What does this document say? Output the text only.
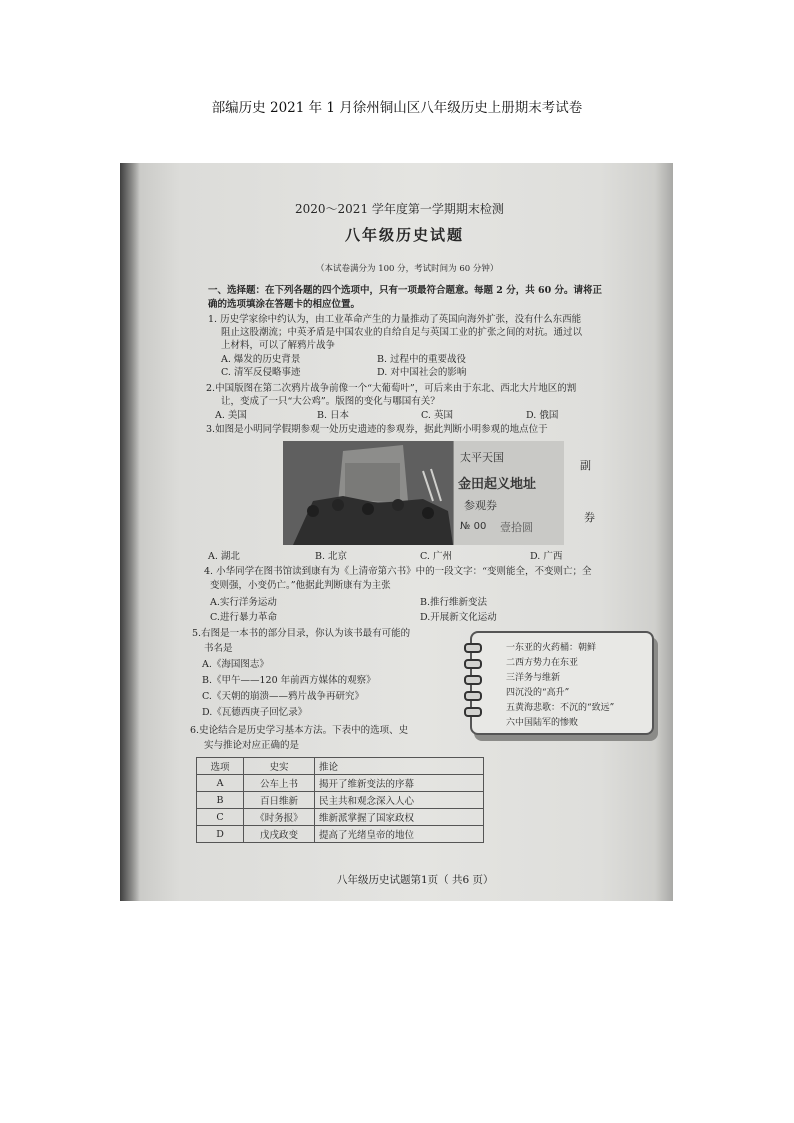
部编历史 2021 年 1 月徐州铜山区八年级历史上册期末考试卷
2020～2021 学年度第一学期期末检测
八年级历史试题
（本试卷满分为 100 分，考试时间为 60 分钟）
一、选择题：在下列各题的四个选项中，只有一项最符合题意。每题 2 分，共 60 分。请将正
确的选项填涂在答题卡的相应位置。
1. 历史学家徐中约认为，由工业革命产生的力量推动了英国向海外扩张，没有什么东西能
阻止这股潮流；中英矛盾是中国农业的自给自足与英国工业的扩张之间的对抗。通过以
上材料，可以了解鸦片战争
A. 爆发的历史背景	B. 过程中的重要战役
C. 清军反侵略事迹	D. 对中国社会的影响
2.中国版图在第二次鸦片战争前像一个“大葡萄叶”，可后来由于东北、西北大片地区的割
让，变成了一只“大公鸡”。版图的变化与哪国有关？
A. 美国	B. 日本	C. 英国	D. 俄国
3.如图是小明同学假期参观一处历史遗迹的参观券，据此判断小明参观的地点位于
太平天国
金田起义地址
参观券
№ 00 壹拾圆
副
券
A. 湖北	B. 北京	C. 广州	D. 广西
4. 小华同学在图书馆读到康有为《上清帝第六书》中的一段文字：“变则能全，不变则亡；全
变则强，小变仍亡。”他据此判断康有为主张
A.实行洋务运动	B.推行维新变法
C.进行暴力革命	D.开展新文化运动
5.右图是一本书的部分目录，你认为该书最有可能的
书名是
A.《海国图志》
B.《甲午——120 年前西方媒体的观察》
C.《天朝的崩溃——鸦片战争再研究》
D.《瓦德西庚子回忆录》
一东亚的火药桶：朝鲜
二西方势力在东亚
三洋务与维新
四沉没的“高升”
五黄海悲歌：不沉的“致远”
六中国陆军的惨败
6.史论结合是历史学习基本方法。下表中的选项、史
实与推论对应正确的是
选项	史实	推论
A	公车上书	揭开了维新变法的序幕
B	百日维新	民主共和观念深入人心
C	《时务报》	维新派掌握了国家政权
D	戊戌政变	提高了光绪皇帝的地位
八年级历史试题第1页（ 共6 页）
